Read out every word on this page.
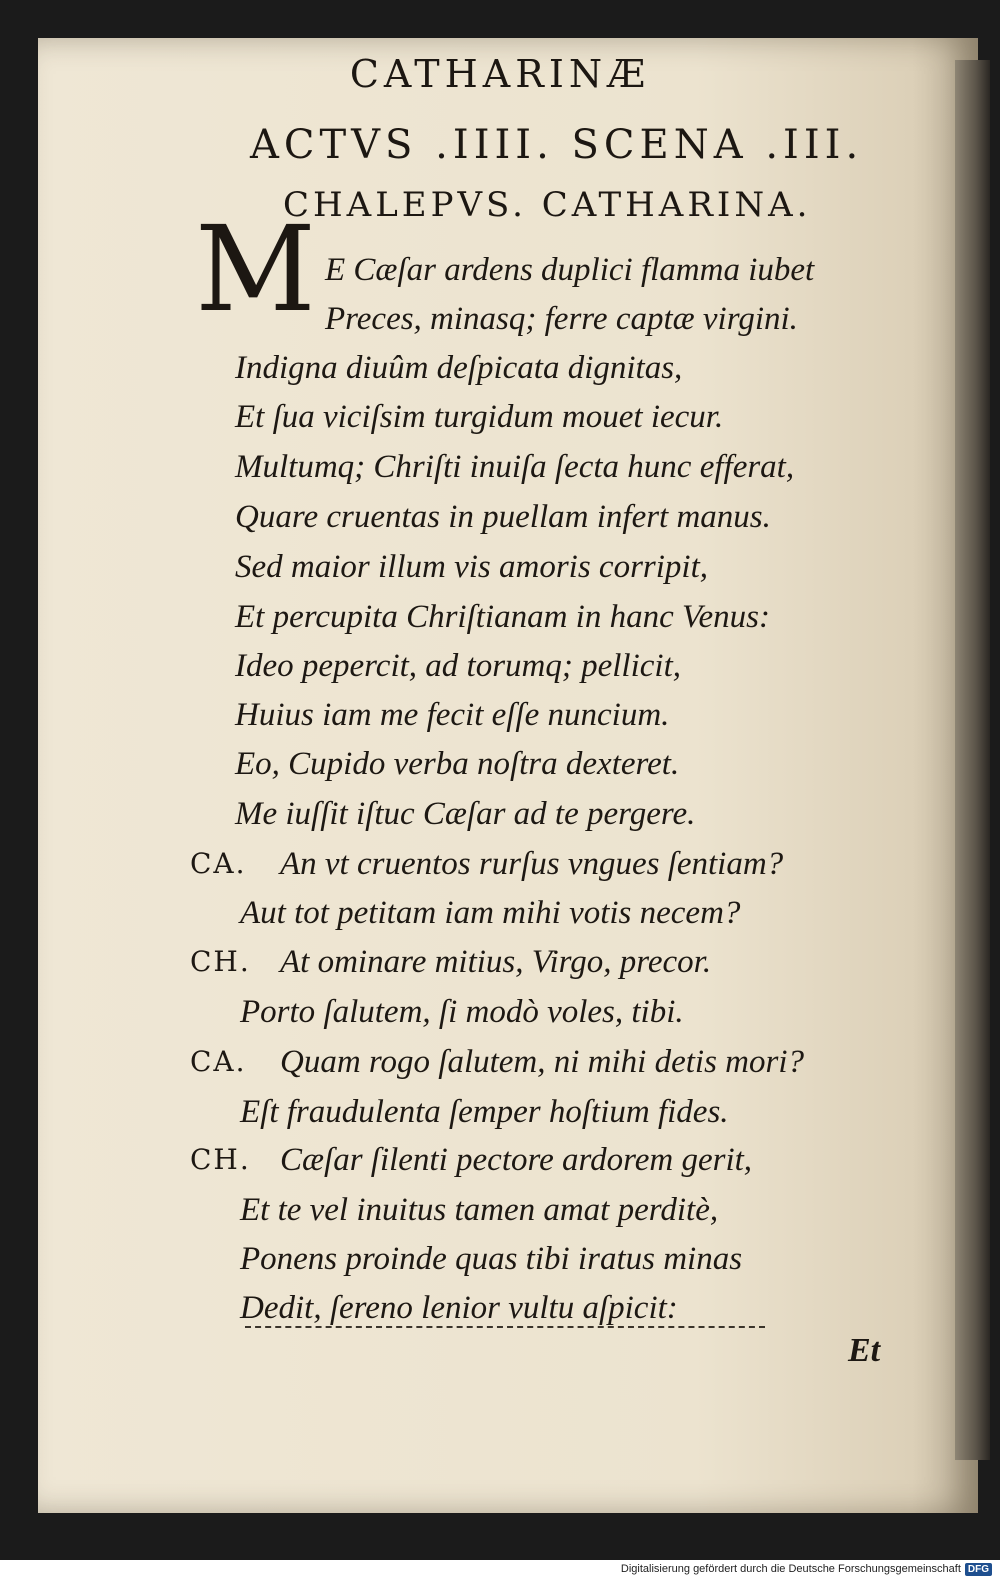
CATHARINÆ
ACTVS .IIII. SCENA .III.
CHALEPVS. CATHARINA.
M E Cæſar ardens duplici flamma iubet
Preces, minasq; ferre captæ virgini.
Indigna diuûm deſpicata dignitas,
Et ſua viciſsim turgidum mouet iecur.
Multumq; Chriſti inuiſa ſecta hunc efferat,
Quare cruentas in puellam infert manus.
Sed maior illum vis amoris corripit,
Et percupita Chriſtianam in hanc Venus:
Ideo pepercit, ad torumq; pellicit,
Huius iam me fecit eſſe nuncium.
Eo, Cupido verba noſtra dexteret.
Me iuſſit iſtuc Cæſar ad te pergere.
CA. An vt cruentos rurſus vngues ſentiam?
Aut tot petitam iam mihi votis necem?
CH. At ominare mitius, Virgo, precor.
Porto ſalutem, ſi modò voles, tibi.
CA. Quam rogo ſalutem, ni mihi detis mori?
Eſt fraudulenta ſemper hoſtium fides.
CH. Cæſar ſilenti pectore ardorem gerit,
Et te vel inuitus tamen amat perditè,
Ponens proinde quas tibi iratus minas
Dedit, ſereno lenior vultu aſpicit:
Et
Digitalisierung gefördert durch die Deutsche Forschungsgemeinschaft DFG
